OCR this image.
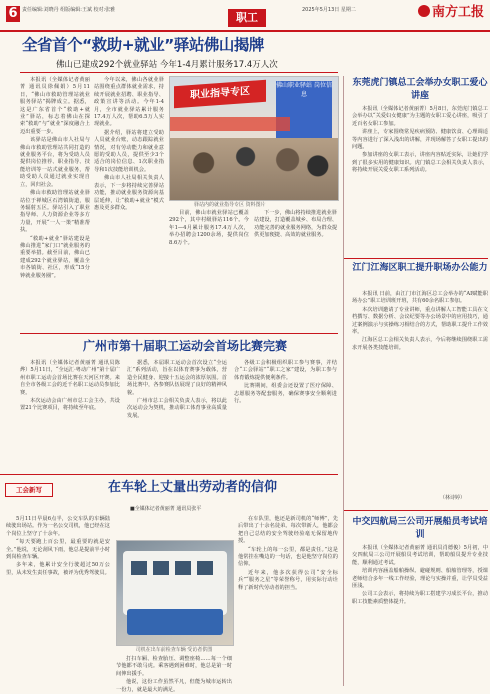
6 责任编辑:刘晓丹 组版编辑:王斌 校对:张雅
职工
2025年5月13日 星期二	南方工报
全省首个“救助+就业”驿站佛山揭牌
佛山已建成292个就业驿站 今年1-4月累计服务17.4万人次

本报讯（全媒体记者黄丽菁 通讯员徐佩娟）5月11日，“佛山市救助管理站就业服务驿站”揭牌成立。据悉，这是广东省首个“救助+就业”驿站，标志着佛山在探索“救助”与“就业”深度融合上迈出重要一步。

该驿站是佛山市人社局与佛山市救助管理站共同打造的就业服务平台，将为受助人员提供岗位推荐、职业指导、技能培训等一站式就业服务，帮助受助人员通过就业实现自立，回归社会。

佛山市救助管理站就业驿站位于禅城区石湾镇街道，服务辐射五区。驿站引入了职业指导师、人力资源企业等多方力量，开展“一人一策”精准帮扶。

“救助+就业”驿站建设是佛山推进“家门口”就业服务的重要举措。截至目前，佛山已建成292个就业驿站，覆盖全市各镇街、社区，形成“15分钟就业服务圈”。

今年以来，佛山各就业驿站围绕重点群体就业需求，持续开展就业招聘、职业指导、政策宣讲等活动。今年1-4月，全市就业驿站累计服务17.4万人次，帮助6.5万人实现就业。

据介绍，驿站将建立受助人员就业台账，动态跟踪就业情况，对有劳动能力和就业意愿的受助人员，提供至少3个适合的岗位信息、1次职业指导和1次技能培训机会。

佛山市人社局相关负责人表示，下一步将持续完善驿站功能，推动就业服务资源向基层延伸，让“救助+就业”模式惠及更多群众。

职业指导专区
佛山职业驿站 岗位信息
驿站内的就业指导专区 资料图片

目前，佛山市就业驿站已覆盖292个，其中村级驿站116个。今年1—4月累计服务17.4万人次，举办招聘会1200余场，提供岗位8.6万个。

下一步，佛山将持续推进就业驿站建设，打造覆盖城乡、布局合理、功能完善的就业服务网络，为群众提供更加便捷、高效的就业服务。

广州市第十届职工运动会首场比赛完赛

本报讯（全媒体记者黄丽菁 通讯员陈烨）5月11日，“全运汇·粤动广州”第十届广州市职工运动会首场比赛在天河区开赛。来自全市各级工会的近千名职工运动员参加比赛。

本次运动会由广州市总工会主办，共设置21个比赛项目，将持续至年底。

据悉，本届职工运动会首次设立“全运汇”系列活动，旨在以体育赛事为载体，营造全民健身、迎接十五运会的浓厚氛围。首场比赛中，各参赛队伍展现了良好的精神风貌。

广州市总工会相关负责人表示，将以此次运动会为契机，推动职工体育事业高质量发展。

各级工会积极组织职工参与赛事，并结合“工会驿站”“职工之家”建设，为职工参与体育锻炼提供便利条件。

比赛期间，组委会还设置了医疗保障、志愿服务等配套服务，确保赛事安全顺利进行。

工会新写	在车轮上丈量出劳动者的信仰
■全媒体记者黄丽菁 通讯员张平

5月11日早晨6点半，公交车队的车辆陆续驶出场站。作为一名公交司机，他已经在这个岗位上坚守了十余年。

“每天要跑上百公里，最重要的就是安全。”他说，无论刮风下雨，他总是提前半小时到岗检查车辆。

多年来，他累计安全行驶超过50万公里，从未发生责任事故，被评为优秀驾驶员。

司机在出车前检查车辆 受访者供图

打扫车厢、检查胎压、调整座椅……每一个细节他都不敢马虎。乘客遇到困难时，他总是第一时间伸出援手。

他说，这份工作虽然平凡，但能为城市运转出一份力，就是最大的满足。

在车队里，他还是新司机的“师傅”，先后带出了十余名徒弟。每次带新人，他都会把自己总结的安全驾驶经验毫无保留地传授。

“车轮上的每一公里，都是责任。”这是他常挂在嘴边的一句话，也是他坚守岗位的信仰。

近年来，他多次获得公司“安全标兵”“服务之星”等荣誉称号，用实际行动诠释了新时代劳动者的担当。

东莞虎门镇总工会举办女职工爱心讲座

本报讯（全媒体记者黄丽菁）5月8日，东莞虎门镇总工会举办以“关爱妇女健康”为主题的女职工爱心讲座，吸引了近百名女职工参加。

讲座上，专家围绕常见疾病预防、健康饮食、心理调适等内容进行了深入浅出的讲解，并现场解答了女职工提出的问题。

参加讲座的女职工表示，讲座内容贴近实际，让她们学到了很多实用的健康知识。虎门镇总工会相关负责人表示，将持续开展关爱女职工系列活动。

江门江海区职工提升职场办公能力

本报讯 日前，由江门市江海区总工会举办的“AI赋能职场办公”职工培训班开班，共有60余名职工参加。

本次培训邀请了专业讲师，重点讲解人工智能工具在文档撰写、数据分析、会议纪要等办公场景中的应用技巧，通过案例演示与实操练习相结合的方式，帮助职工提升工作效率。

江海区总工会相关负责人表示，今后将继续围绕职工需求开展各类技能培训。

（林诗婷）
中交四航局三公司开展船员考试培训

本报讯（全媒体记者黄丽菁 通讯员肖德俊）5月初，中交四航局三公司开展船员考试培训，帮助船员提升专业技能，顺利通过考试。

培训内容涵盖船舶操纵、避碰规则、船舶管理等，授课老师结合多年一线工作经验，理论与实操并重，让学员受益匪浅。

公司工会表示，将持续为职工搭建学习成长平台，推动职工技能素质整体提升。
